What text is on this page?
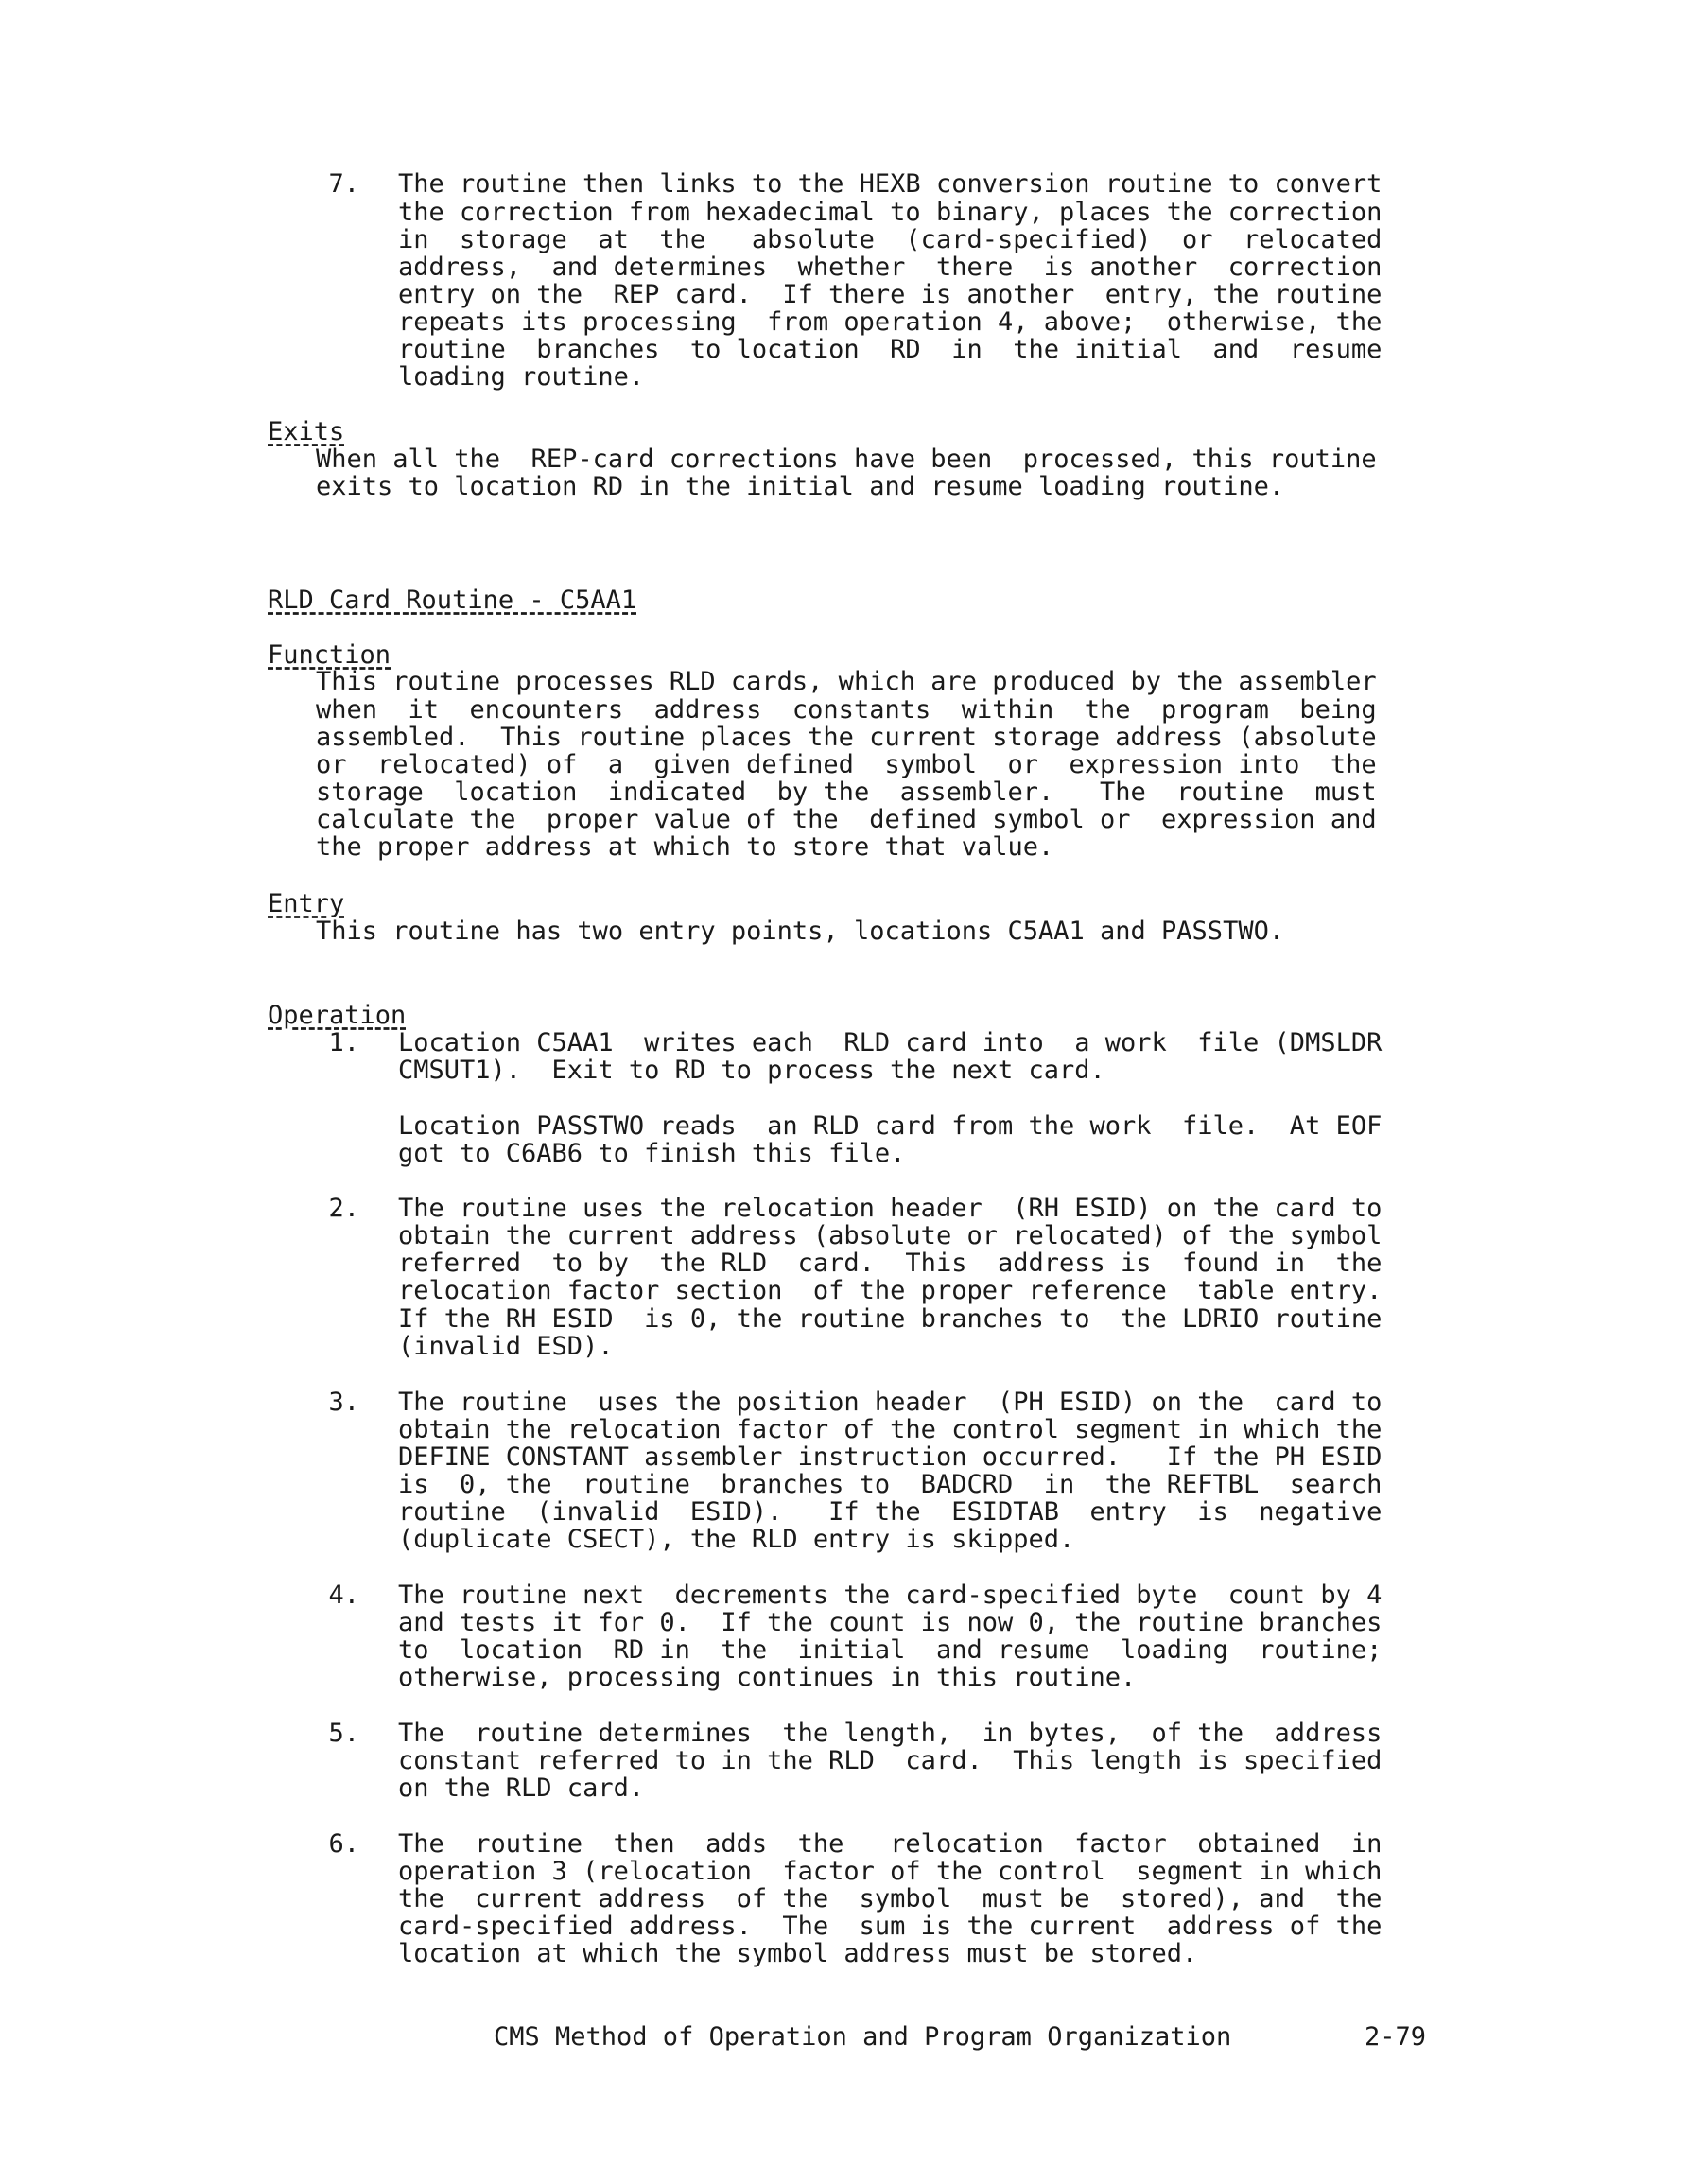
7. The routine then links to the HEXB conversion routine to convert
the correction from hexadecimal to binary, places the correction
in  storage  at  the   absolute  (card-specified)  or  relocated
address,  and determines  whether  there  is another  correction
entry on the  REP card.  If there is another  entry, the routine
repeats its processing  from operation 4, above;  otherwise, the
routine  branches  to location  RD  in  the initial  and  resume
loading routine.
Exits
When all the  REP-card corrections have been  processed, this routine
exits to location RD in the initial and resume loading routine.
RLD Card Routine - C5AA1
Function
This routine processes RLD cards, which are produced by the assembler
when  it  encounters  address  constants  within  the  program  being
assembled.  This routine places the current storage address (absolute
or  relocated) of  a  given defined  symbol  or  expression into  the
storage  location  indicated  by the  assembler.   The  routine  must
calculate the  proper value of the  defined symbol or  expression and
the proper address at which to store that value.
Entry
This routine has two entry points, locations C5AA1 and PASSTWO.
Operation
1. Location C5AA1  writes each  RLD card into  a work  file (DMSLDR
CMSUT1).  Exit to RD to process the next card.
Location PASSTWO reads  an RLD card from the work  file.  At EOF
got to C6AB6 to finish this file.
2. The routine uses the relocation header  (RH ESID) on the card to
obtain the current address (absolute or relocated) of the symbol
referred  to by  the RLD  card.  This  address is  found in  the
relocation factor section  of the proper reference  table entry.
If the RH ESID  is 0, the routine branches to  the LDRIO routine
(invalid ESD).
3. The routine  uses the position header  (PH ESID) on the  card to
obtain the relocation factor of the control segment in which the
DEFINE CONSTANT assembler instruction occurred.   If the PH ESID
is  0, the  routine  branches to  BADCRD  in  the REFTBL  search
routine  (invalid  ESID).   If the  ESIDTAB  entry  is  negative
(duplicate CSECT), the RLD entry is skipped.
4. The routine next  decrements the card-specified byte  count by 4
and tests it for 0.  If the count is now 0, the routine branches
to  location  RD in  the  initial  and resume  loading  routine;
otherwise, processing continues in this routine.
5. The  routine determines  the length,  in bytes,  of the  address
constant referred to in the RLD  card.  This length is specified
on the RLD card.
6. The  routine  then  adds  the   relocation  factor  obtained  in
operation 3 (relocation  factor of the control  segment in which
the  current address  of the  symbol  must be  stored), and  the
card-specified address.  The  sum is the current  address of the
location at which the symbol address must be stored.
CMS Method of Operation and Program Organization	2-79
